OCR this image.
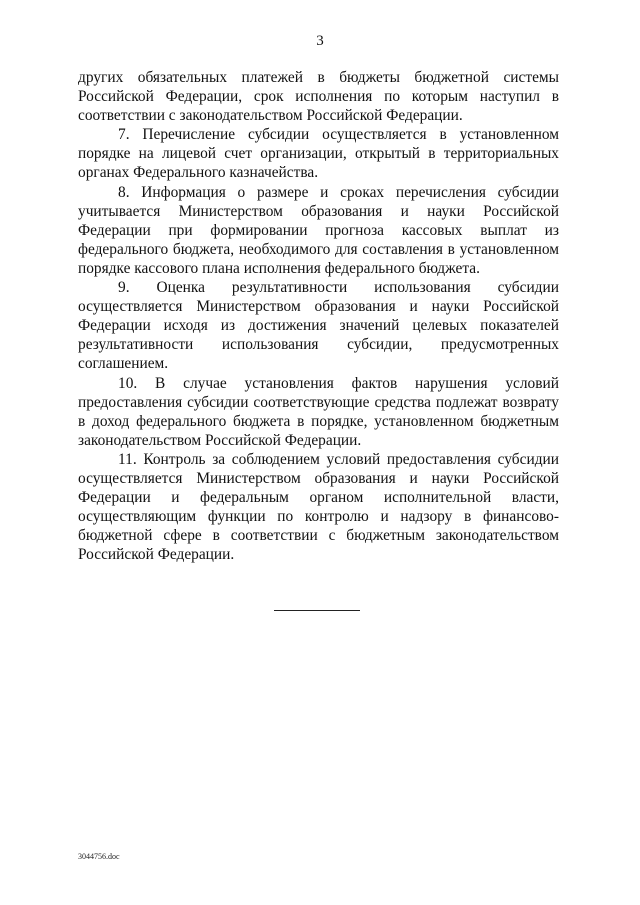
3

других обязательных платежей в бюджеты бюджетной системы Российской Федерации, срок исполнения по которым наступил в соответствии с законодательством Российской Федерации.

7. Перечисление субсидии осуществляется в установленном порядке на лицевой счет организации, открытый в территориальных органах Федерального казначейства.

8. Информация о размере и сроках перечисления субсидии учитывается Министерством образования и науки Российской Федерации при формировании прогноза кассовых выплат из федерального бюджета, необходимого для составления в установленном порядке кассового плана исполнения федерального бюджета.

9. Оценка результативности использования субсидии осуществляется Министерством образования и науки Российской Федерации исходя из достижения значений целевых показателей результативности использования субсидии, предусмотренных соглашением.

10. В случае установления фактов нарушения условий предоставления субсидии соответствующие средства подлежат возврату в доход федерального бюджета в порядке, установленном бюджетным законодательством Российской Федерации.

11. Контроль за соблюдением условий предоставления субсидии осуществляется Министерством образования и науки Российской Федерации и федеральным органом исполнительной власти, осуществляющим функции по контролю и надзору в финансово-бюджетной сфере в соответствии с бюджетным законодательством Российской Федерации.

3044756.doc
